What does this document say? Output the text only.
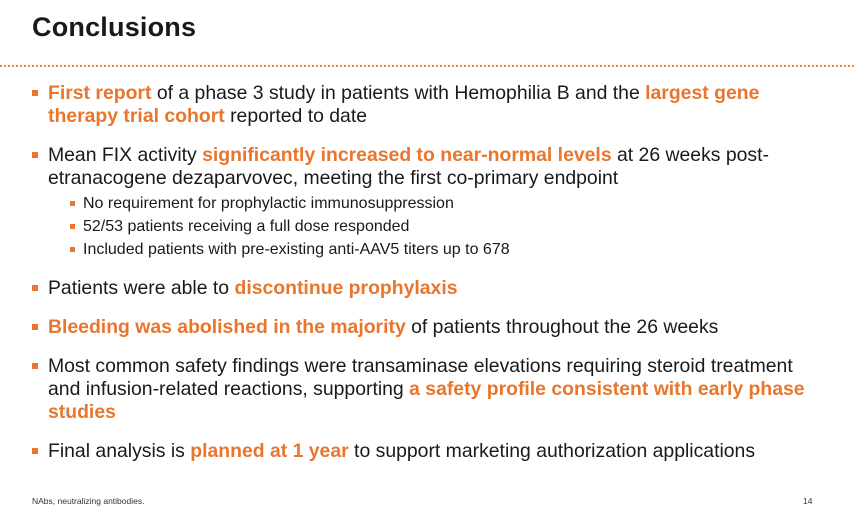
Conclusions
First report of a phase 3 study in patients with Hemophilia B and the largest gene therapy trial cohort reported to date
Mean FIX activity significantly increased to near-normal levels at 26 weeks post-etranacogene dezaparvovec, meeting the first co-primary endpoint
No requirement for prophylactic immunosuppression
52/53 patients receiving a full dose responded
Included patients with pre-existing anti-AAV5 titers up to 678
Patients were able to discontinue prophylaxis
Bleeding was abolished in the majority of patients throughout the 26 weeks
Most common safety findings were transaminase elevations requiring steroid treatment and infusion-related reactions, supporting a safety profile consistent with early phase studies
Final analysis is planned at 1 year to support marketing authorization applications
NAbs, neutralizing antibodies.	14
